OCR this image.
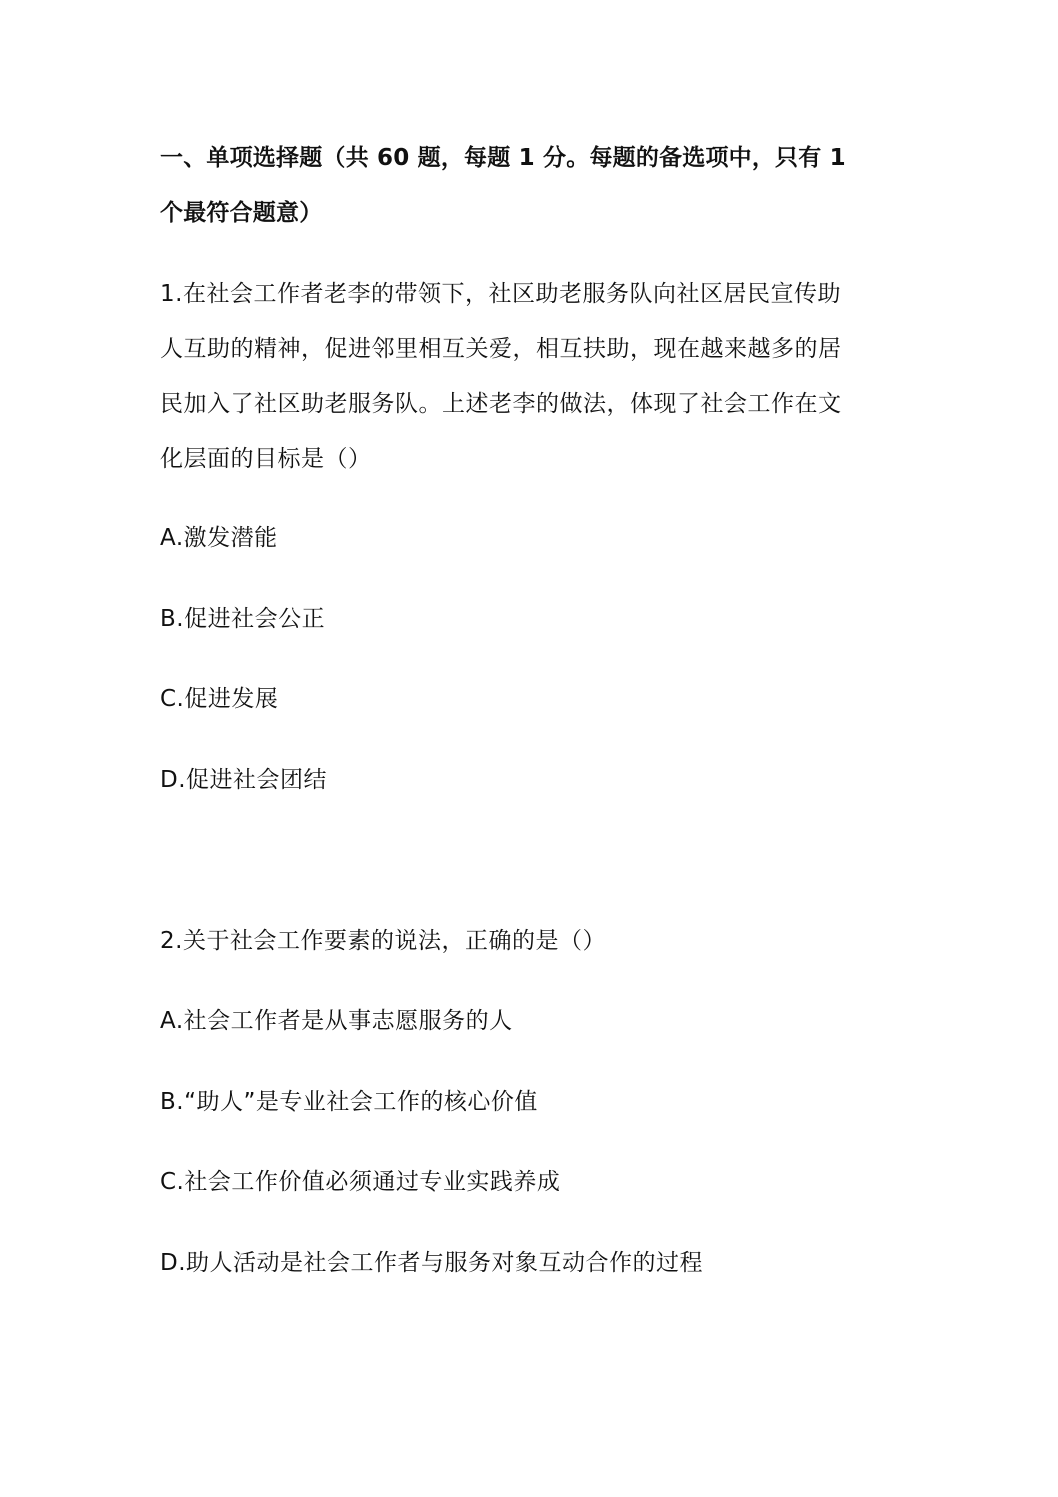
一、单项选择题（共 60 题，每题 1 分。每题的备选项中，只有 1
个最符合题意）
1.在社会工作者老李的带领下，社区助老服务队向社区居民宣传助
人互助的精神，促进邻里相互关爱，相互扶助，现在越来越多的居
民加入了社区助老服务队。上述老李的做法，体现了社会工作在文
化层面的目标是（）
A.激发潜能
B.促进社会公正
C.促进发展
D.促进社会团结
2.关于社会工作要素的说法，正确的是（）
A.社会工作者是从事志愿服务的人
B.“助人”是专业社会工作的核心价值
C.社会工作价值必须通过专业实践养成
D.助人活动是社会工作者与服务对象互动合作的过程
